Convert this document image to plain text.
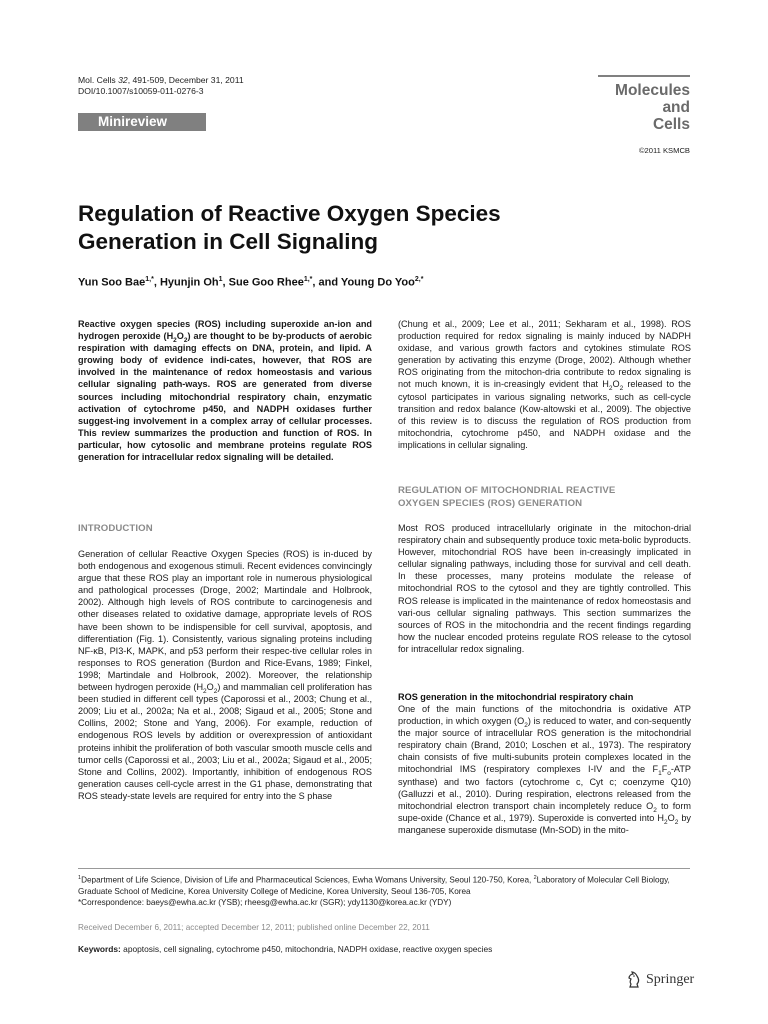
Mol. Cells 32, 491-509, December 31, 2011
DOI/10.1007/s10059-011-0276-3
Minireview
Molecules
and
Cells
©2011 KSMCB
Regulation of Reactive Oxygen Species
Generation in Cell Signaling
Yun Soo Bae$^{1,*}$, Hyunjin Oh$^1$, Sue Goo Rhee$^{1,*}$, and Young Do Yoo$^{2,*}$

Reactive oxygen species (ROS) including superoxide an-ion and hydrogen peroxide $(H_2O_2)$ are thought to be by-products of aerobic respiration with damaging effects on DNA, protein, and lipid. A growing body of evidence indi-cates, however, that ROS are involved in the maintenance of redox homeostasis and various cellular signaling path-ways. ROS are generated from diverse sources including mitochondrial respiratory chain, enzymatic activation of cytochrome p450, and NADPH oxidases further suggest-ing involvement in a complex array of cellular processes. This review summarizes the production and function of ROS. In particular, how cytosolic and membrane proteins regulate ROS generation for intracellular redox signaling will be detailed.

INTRODUCTION

Generation of cellular Reactive Oxygen Species (ROS) is in-duced by both endogenous and exogenous stimuli. Recent evidences convincingly argue that these ROS play an important role in numerous physiological and pathological processes (Droge, 2002; Martindale and Holbrook, 2002). Although high levels of ROS contribute to carcinogenesis and other diseases related to oxidative damage, appropriate levels of ROS have been shown to be indispensible for cell survival, apoptosis, and differentiation (Fig. 1). Consistently, various signaling proteins including NF-κB, PI3-K, MAPK, and p53 perform their respec-tive cellular roles in responses to ROS generation (Burdon and Rice-Evans, 1989; Finkel, 1998; Martindale and Holbrook, 2002). Moreover, the relationship between hydrogen peroxide $(H_2O_2)$ and mammalian cell proliferation has been studied in different cell types (Caporossi et al., 2003; Chung et al., 2009; Liu et al., 2002a; Na et al., 2008; Sigaud et al., 2005; Stone and Collins, 2002; Stone and Yang, 2006). For example, reduction of endogenous ROS levels by addition or overexpression of antioxidant proteins inhibit the proliferation of both vascular smooth muscle cells and tumor cells (Caporossi et al., 2003; Liu et al., 2002a; Sigaud et al., 2005; Stone and Collins, 2002). Importantly, inhibition of endogenous ROS generation causes cell-cycle arrest in the G1 phase, demonstrating that ROS steady-state levels are required for entry into the S phase

(Chung et al., 2009; Lee et al., 2011; Sekharam et al., 1998). ROS production required for redox signaling is mainly induced by NADPH oxidase, and various growth factors and cytokines stimulate ROS generation by activating this enzyme (Droge, 2002). Although whether ROS originating from the mitochon-dria contribute to redox signaling is not much known, it is in-creasingly evident that $H_2O_2$ released to the cytosol participates in various signaling networks, such as cell-cycle transition and redox balance (Kow-altowski et al., 2009). The objective of this review is to discuss the regulation of ROS production from mitochondria, cytochrome p450, and NADPH oxidase and the implications in cellular signaling.

REGULATION OF MITOCHONDRIAL REACTIVE
OXYGEN SPECIES (ROS) GENERATION

Most ROS produced intracellularly originate in the mitochon-drial respiratory chain and subsequently produce toxic meta-bolic byproducts. However, mitochondrial ROS have been in-creasingly implicated in cellular signaling pathways, including those for survival and cell death. In these processes, many proteins modulate the release of mitochondrial ROS to the cytosol and they are tightly controlled. This ROS release is implicated in the maintenance of redox homeostasis and vari-ous cellular signaling pathways. This section summarizes the sources of ROS in the mitochondria and the recent findings regarding how the nuclear encoded proteins regulate ROS release to the cytosol for intracellular redox signaling.

ROS generation in the mitochondrial respiratory chain

One of the main functions of the mitochondria is oxidative ATP production, in which oxygen $(O_2)$ is reduced to water, and con-sequently the major source of intracellular ROS generation is the mitochondrial respiratory chain (Brand, 2010; Loschen et al., 1973). The respiratory chain consists of five multi-subunits protein complexes located in the mitochondrial IMS (respiratory complexes I-IV and the $F_1F_o$-ATP synthase) and two factors (cytochrome c, Cyt c; coenzyme Q10) (Galluzzi et al., 2010). During respiration, electrons released from the mitochondrial electron transport chain incompletely reduce $O_2$ to form supe-oxide (Chance et al., 1979). Superoxide is converted into $H_2O_2$ by manganese superoxide dismutase (Mn-SOD) in the mito-

$^1$Department of Life Science, Division of Life and Pharmaceutical Sciences, Ewha Womans University, Seoul 120-750, Korea, $^2$Laboratory of Molecular Cell Biology, Graduate School of Medicine, Korea University College of Medicine, Korea University, Seoul 136-705, Korea
*Correspondence: baeys@ewha.ac.kr (YSB); rheesg@ewha.ac.kr (SGR); ydy1130@korea.ac.kr (YDY)
Received December 6, 2011; accepted December 12, 2011; published online December 22, 2011
Keywords: apoptosis, cell signaling, cytochrome p450, mitochondria, NADPH oxidase, reactive oxygen species
Springer
